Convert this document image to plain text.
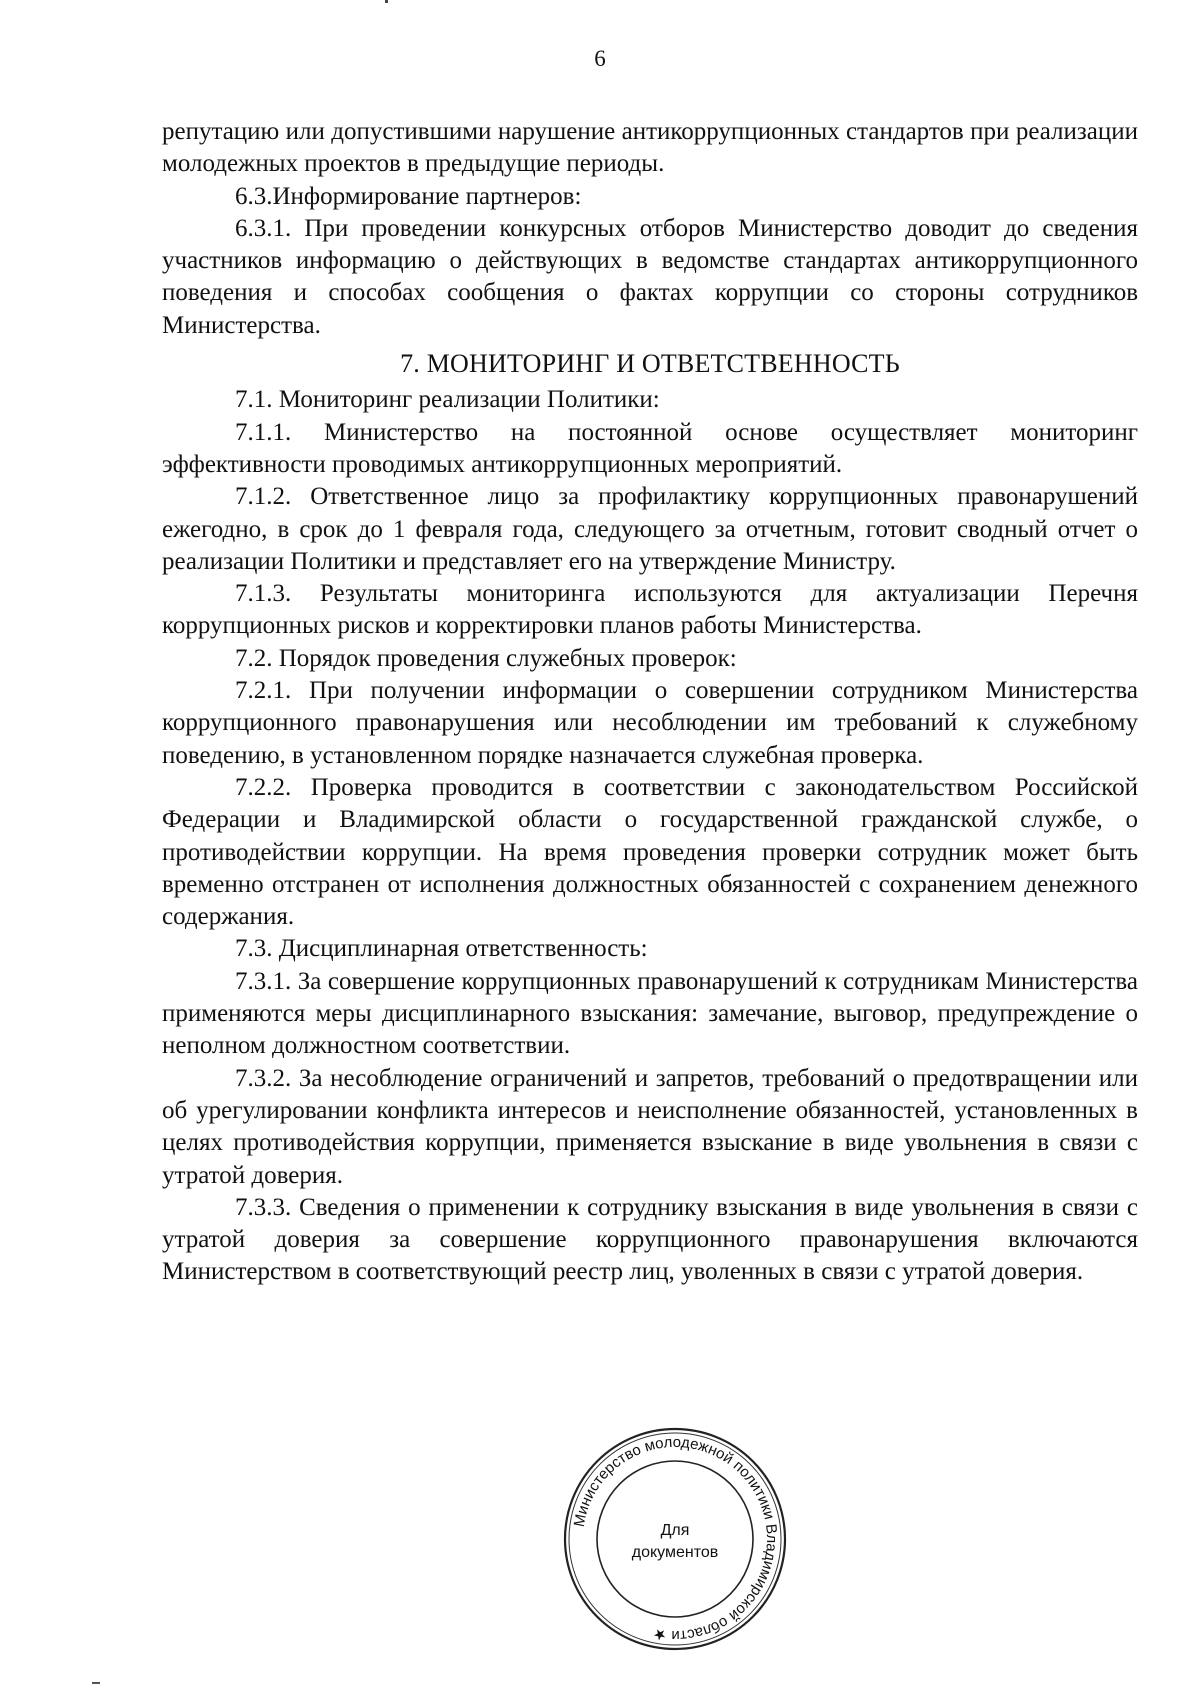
6

репутацию или допустившими нарушение антикоррупционных стандартов при реализации молодежных проектов в предыдущие периоды.

6.3.Информирование партнеров:

6.3.1. При проведении конкурсных отборов Министерство доводит до сведения участников информацию о действующих в ведомстве стандартах антикоррупционного поведения и способах сообщения о фактах коррупции со стороны сотрудников Министерства.

7. МОНИТОРИНГ И ОТВЕТСТВЕННОСТЬ

7.1. Мониторинг реализации Политики:

7.1.1. Министерство на постоянной основе осуществляет мониторинг эффективности проводимых антикоррупционных мероприятий.

7.1.2. Ответственное лицо за профилактику коррупционных правонарушений ежегодно, в срок до 1 февраля года, следующего за отчетным, готовит сводный отчет о реализации Политики и представляет его на утверждение Министру.

7.1.3. Результаты мониторинга используются для актуализации Перечня коррупционных рисков и корректировки планов работы Министерства.

7.2. Порядок проведения служебных проверок:

7.2.1. При получении информации о совершении сотрудником Министерства коррупционного правонарушения или несоблюдении им требований к служебному поведению, в установленном порядке назначается служебная проверка.

7.2.2. Проверка проводится в соответствии с законодательством Российской Федерации и Владимирской области о государственной гражданской службе, о противодействии коррупции. На время проведения проверки сотрудник может быть временно отстранен от исполнения должностных обязанностей с сохранением денежного содержания.

7.3. Дисциплинарная ответственность:

7.3.1. За совершение коррупционных правонарушений к сотрудникам Министерства применяются меры дисциплинарного взыскания: замечание, выговор, предупреждение о неполном должностном соответствии.

7.3.2. За несоблюдение ограничений и запретов, требований о предотвращении или об урегулировании конфликта интересов и неисполнение обязанностей, установленных в целях противодействия коррупции, применяется взыскание в виде увольнения в связи с утратой доверия.

7.3.3. Сведения о применении к сотруднику взыскания в виде увольнения в связи с утратой доверия за совершение коррупционного правонарушения включаются Министерством в соответствующий реестр лиц, уволенных в связи с утратой доверия.

Министерство молодежной политики Владимирской области ★
Для
документов
